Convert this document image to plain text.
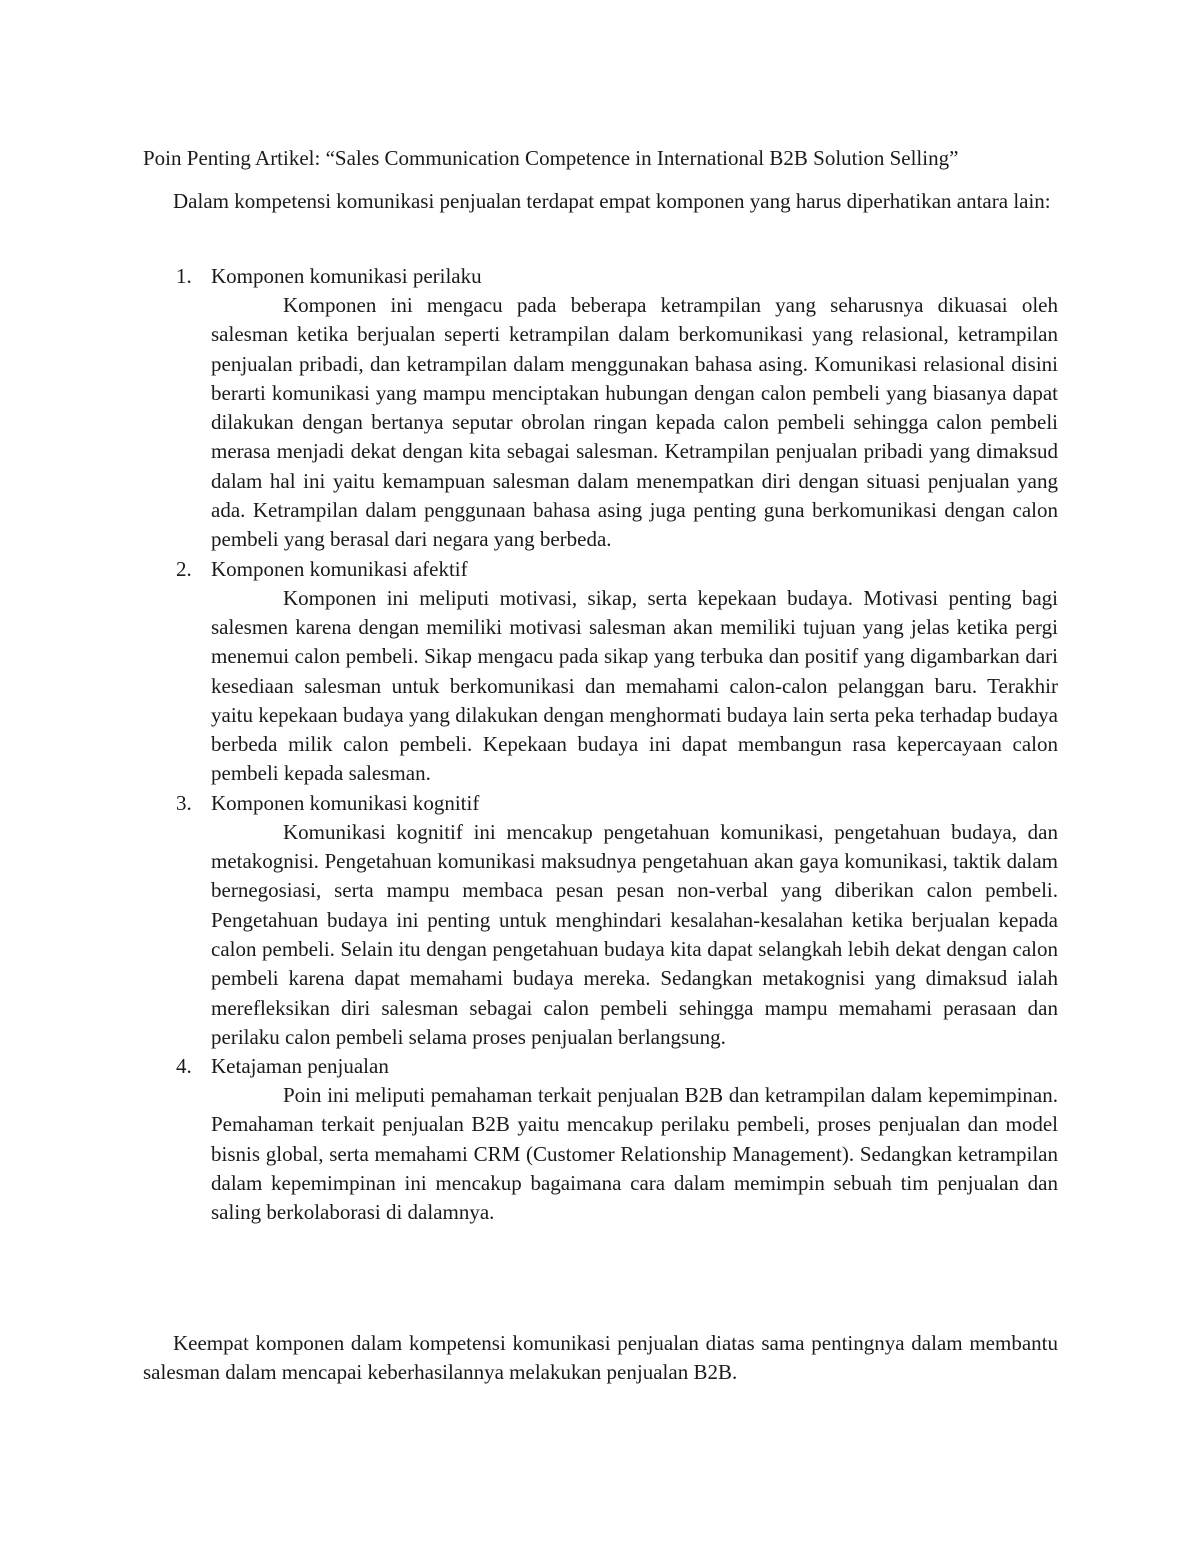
Poin Penting Artikel: “Sales Communication Competence in International B2B Solution Selling”

Dalam kompetensi komunikasi penjualan terdapat empat komponen yang harus diperhatikan antara lain:

1. Komponen komunikasi perilaku

Komponen ini mengacu pada beberapa ketrampilan yang seharusnya dikuasai oleh salesman ketika berjualan seperti ketrampilan dalam berkomunikasi yang relasional, ketrampilan penjualan pribadi, dan ketrampilan dalam menggunakan bahasa asing. Komunikasi relasional disini berarti komunikasi yang mampu menciptakan hubungan dengan calon pembeli yang biasanya dapat dilakukan dengan bertanya seputar obrolan ringan kepada calon pembeli sehingga calon pembeli merasa menjadi dekat dengan kita sebagai salesman. Ketrampilan penjualan pribadi yang dimaksud dalam hal ini yaitu kemampuan salesman dalam menempatkan diri dengan situasi penjualan yang ada. Ketrampilan dalam penggunaan bahasa asing juga penting guna berkomunikasi dengan calon pembeli yang berasal dari negara yang berbeda.

2. Komponen komunikasi afektif

Komponen ini meliputi motivasi, sikap, serta kepekaan budaya. Motivasi penting bagi salesmen karena dengan memiliki motivasi salesman akan memiliki tujuan yang jelas ketika pergi menemui calon pembeli. Sikap mengacu pada sikap yang terbuka dan positif yang digambarkan dari kesediaan salesman untuk berkomunikasi dan memahami calon-calon pelanggan baru. Terakhir yaitu kepekaan budaya yang dilakukan dengan menghormati budaya lain serta peka terhadap budaya berbeda milik calon pembeli. Kepekaan budaya ini dapat membangun rasa kepercayaan calon pembeli kepada salesman.

3. Komponen komunikasi kognitif

Komunikasi kognitif ini mencakup pengetahuan komunikasi, pengetahuan budaya, dan metakognisi. Pengetahuan komunikasi maksudnya pengetahuan akan gaya komunikasi, taktik dalam bernegosiasi, serta mampu membaca pesan pesan non-verbal yang diberikan calon pembeli. Pengetahuan budaya ini penting untuk menghindari kesalahan-kesalahan ketika berjualan kepada calon pembeli. Selain itu dengan pengetahuan budaya kita dapat selangkah lebih dekat dengan calon pembeli karena dapat memahami budaya mereka. Sedangkan metakognisi yang dimaksud ialah merefleksikan diri salesman sebagai calon pembeli sehingga mampu memahami perasaan dan perilaku calon pembeli selama proses penjualan berlangsung.

4. Ketajaman penjualan

Poin ini meliputi pemahaman terkait penjualan B2B dan ketrampilan dalam kepemimpinan. Pemahaman terkait penjualan B2B yaitu mencakup perilaku pembeli, proses penjualan dan model bisnis global, serta memahami CRM (Customer Relationship Management). Sedangkan ketrampilan dalam kepemimpinan ini mencakup bagaimana cara dalam memimpin sebuah tim penjualan dan saling berkolaborasi di dalamnya.

Keempat komponen dalam kompetensi komunikasi penjualan diatas sama pentingnya dalam membantu salesman dalam mencapai keberhasilannya melakukan penjualan B2B.
